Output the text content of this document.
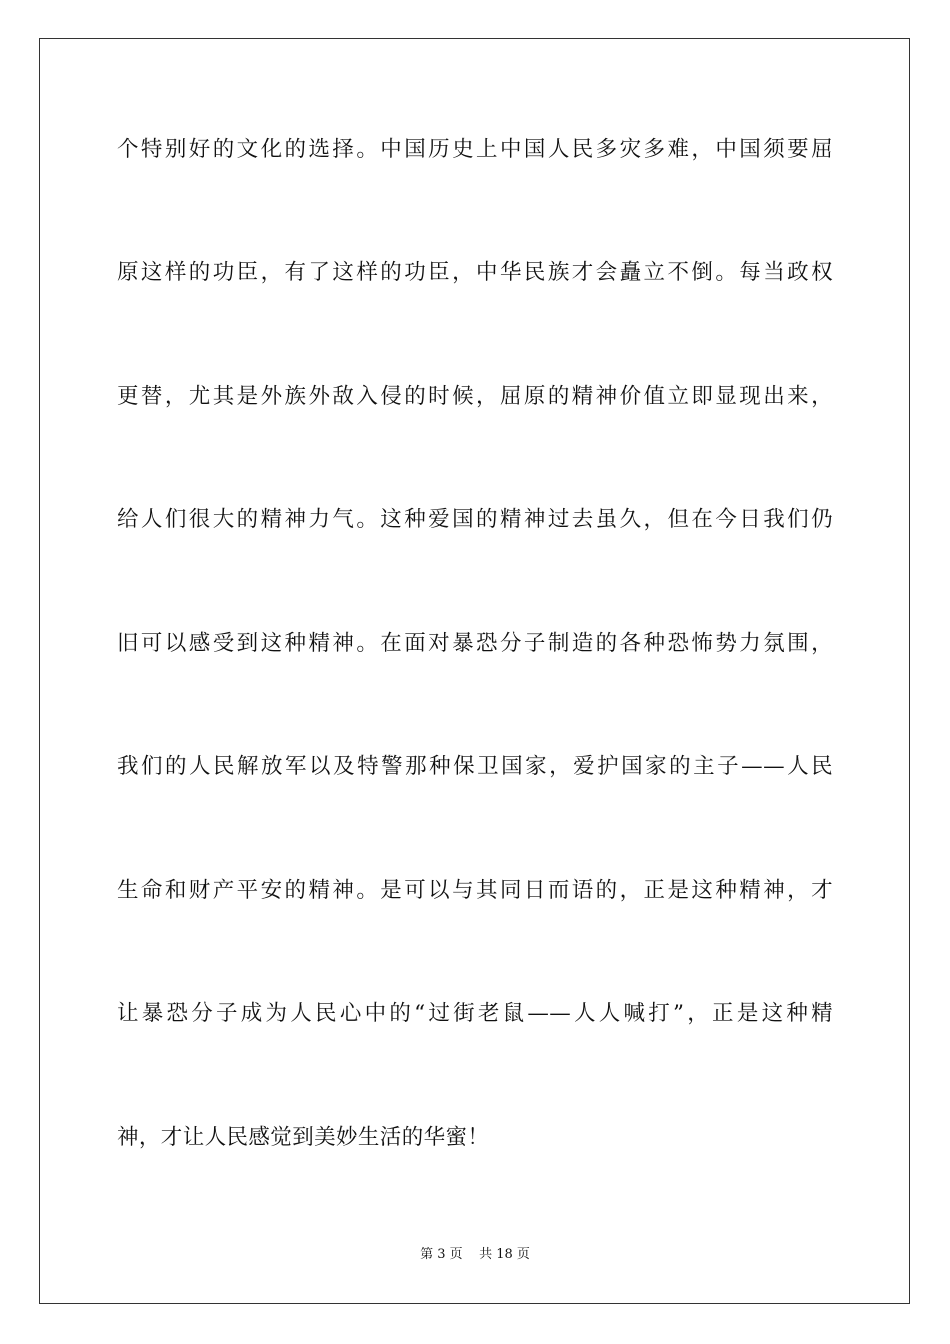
个特别好的文化的选择。中国历史上中国人民多灾多难，中国须要屈
原这样的功臣，有了这样的功臣，中华民族才会矗立不倒。每当政权
更替，尤其是外族外敌入侵的时候，屈原的精神价值立即显现出来，
给人们很大的精神力气。这种爱国的精神过去虽久，但在今日我们仍
旧可以感受到这种精神。在面对暴恐分子制造的各种恐怖势力氛围，
我们的人民解放军以及特警那种保卫国家，爱护国家的主子——人民
生命和财产平安的精神。是可以与其同日而语的，正是这种精神，才
让暴恐分子成为人民心中的“过街老鼠——人人喊打”，正是这种精
神，才让人民感觉到美妙生活的华蜜！
第 3 页    共 18 页
